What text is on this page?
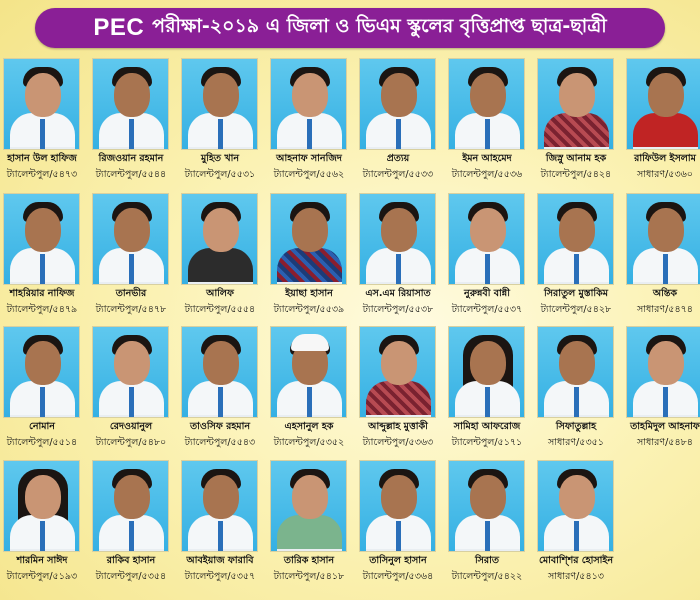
PEC পরীক্ষা-২০১৯ এ জিলা ও ভিএম স্কুলের বৃত্তিপ্রাপ্ত ছাত্র-ছাত্রী
হাসান উল হাফিজ
ট্যালেন্টপুল/৫৪৭৩
রিজওয়ান রহমান
ট্যালেন্টপুল/৫৫৪৪
মুহিত খান
ট্যালেন্টপুল/৫৫৩১
আহনাফ সানজিদ
ট্যালেন্টপুল/৫৫৬২
প্রত্যয়
ট্যালেন্টপুল/৫৫৩৩
ইমন আহমেদ
ট্যালেন্টপুল/৫৫৩৬
জিস্নু আনাম হক
ট্যালেন্টপুল/৫৪২৪
রাফিউল ইসলাম
সাধারণ/৫৩৬০
শাহরিয়ার নাফিজ
ট্যালেন্টপুল/৫৪৭৯
তানভীর
ট্যালেন্টপুল/৫৪৭৮
আলিফ
ট্যালেন্টপুল/৫৫৫৪
ইয়াছা হাসান
ট্যালেন্টপুল/৫৫৩৯
এস.এম রিয়াসাত
ট্যালেন্টপুল/৫৫৩৮
নুরুন্নবী বান্নী
ট্যালেন্টপুল/৫৫৩৭
সিরাতুল মুস্তাকিম
ট্যালেন্টপুল/৫৪২৮
অন্তিক
সাধারণ/৫৪৭৪
নোমান
ট্যালেন্টপুল/৫৫১৪
রেদওয়ানুল
ট্যালেন্টপুল/৫৪৮০
তাওসিফ রহমান
ট্যালেন্টপুল/৫৫৪৩
এহসানুল হক
ট্যালেন্টপুল/৫৩৫২
আব্দুল্লাহ মুত্তাকী
ট্যালেন্টপুল/৫৩৬৩
সামিহা আফরোজ
ট্যালেন্টপুল/৫১৭১
সিফাতুল্লাহ
সাধারণ/৫৩৫১
তাহমিদুল আহনাফ
সাধারণ/৫৪৮৪
শারমিন সাঈদ
ট্যালেন্টপুল/৫১৯৩
রাকিব হাসান
ট্যালেন্টপুল/৫৩৫৪
আবইয়াজ ফারাবি
ট্যালেন্টপুল/৫৩৫৭
তারিক হাসান
ট্যালেন্টপুল/৫৪১৮
তাসিনুল হাসান
ট্যালেন্টপুল/৫৩৬৪
সিরাত
ট্যালেন্টপুল/৫৪২২
মোবাশ্শির হোসাইন
সাধারণ/৫৪১৩
